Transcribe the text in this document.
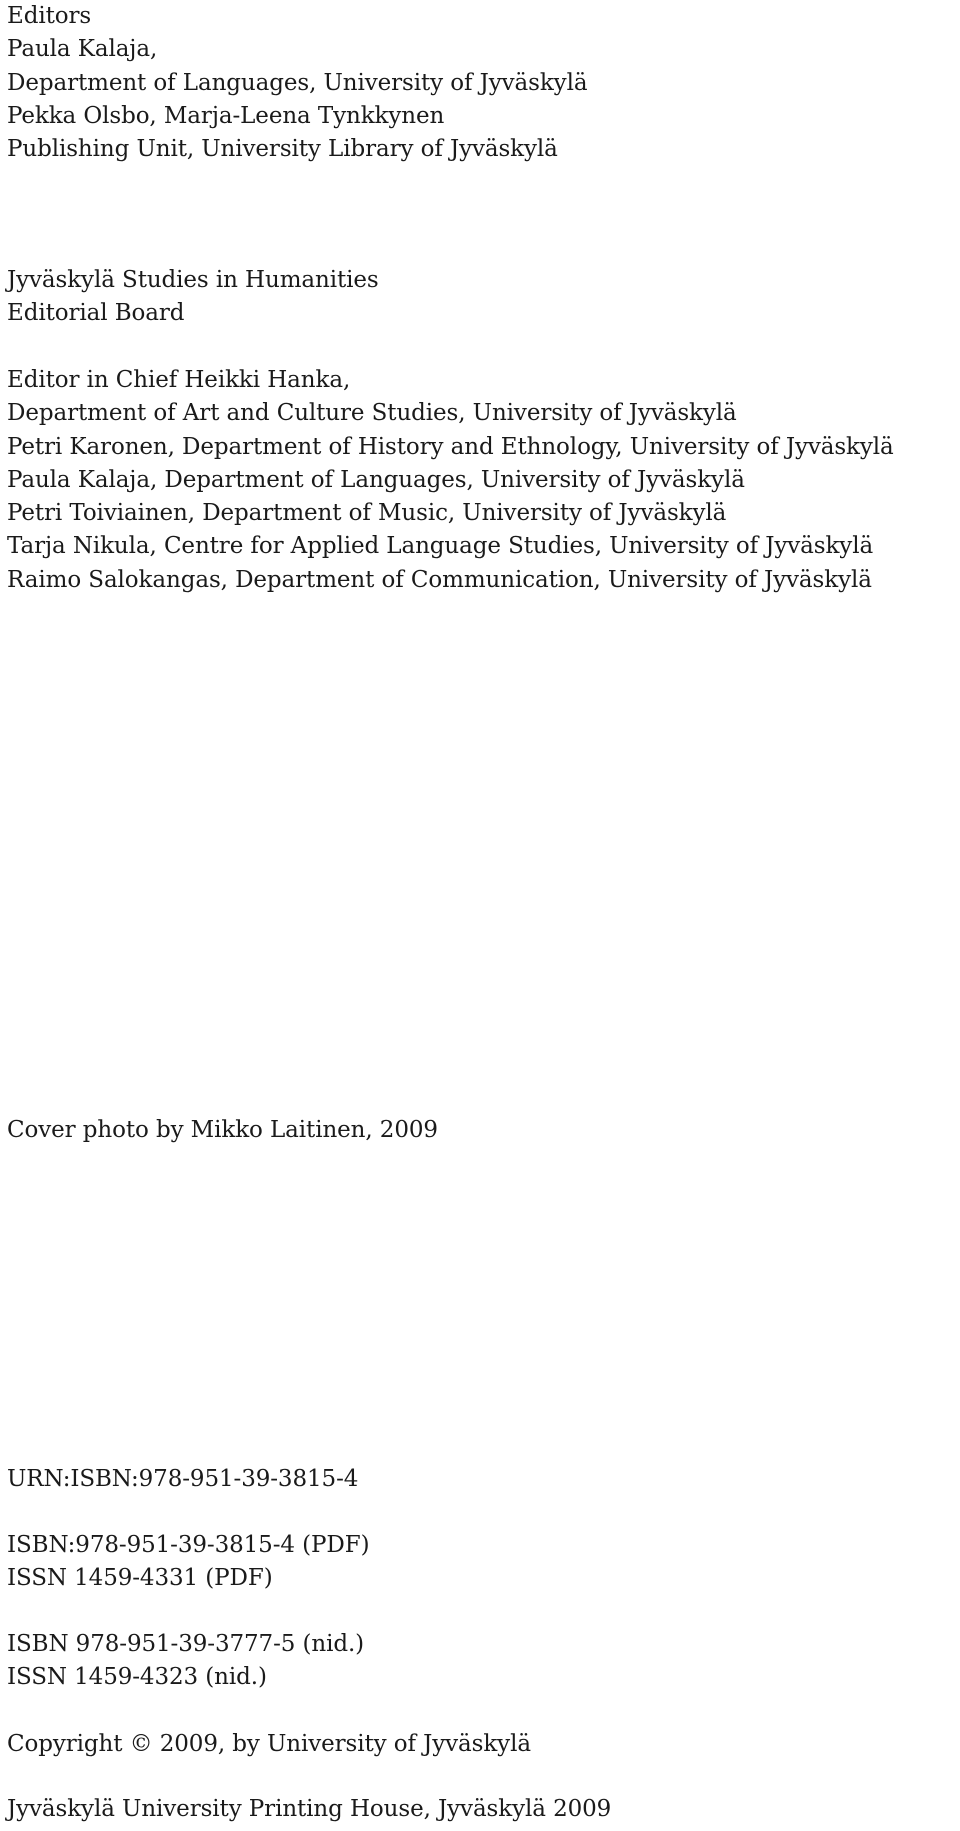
Editors
Paula Kalaja,
Department of Languages, University of Jyväskylä
Pekka Olsbo, Marja-Leena Tynkkynen
Publishing Unit, University Library of Jyväskylä
Jyväskylä Studies in Humanities
Editorial Board
Editor in Chief Heikki Hanka,
Department of Art and Culture Studies, University of Jyväskylä
Petri Karonen, Department of History and Ethnology, University of Jyväskylä
Paula Kalaja, Department of Languages, University of Jyväskylä
Petri Toiviainen, Department of Music, University of Jyväskylä
Tarja Nikula, Centre for Applied Language Studies, University of Jyväskylä
Raimo Salokangas, Department of Communication, University of Jyväskylä
Cover photo by Mikko Laitinen, 2009
URN:ISBN:978-951-39-3815-4
ISBN:978-951-39-3815-4 (PDF)
ISSN 1459-4331 (PDF)
ISBN 978-951-39-3777-5 (nid.)
ISSN 1459-4323 (nid.)
Copyright © 2009, by University of Jyväskylä
Jyväskylä University Printing House, Jyväskylä 2009
